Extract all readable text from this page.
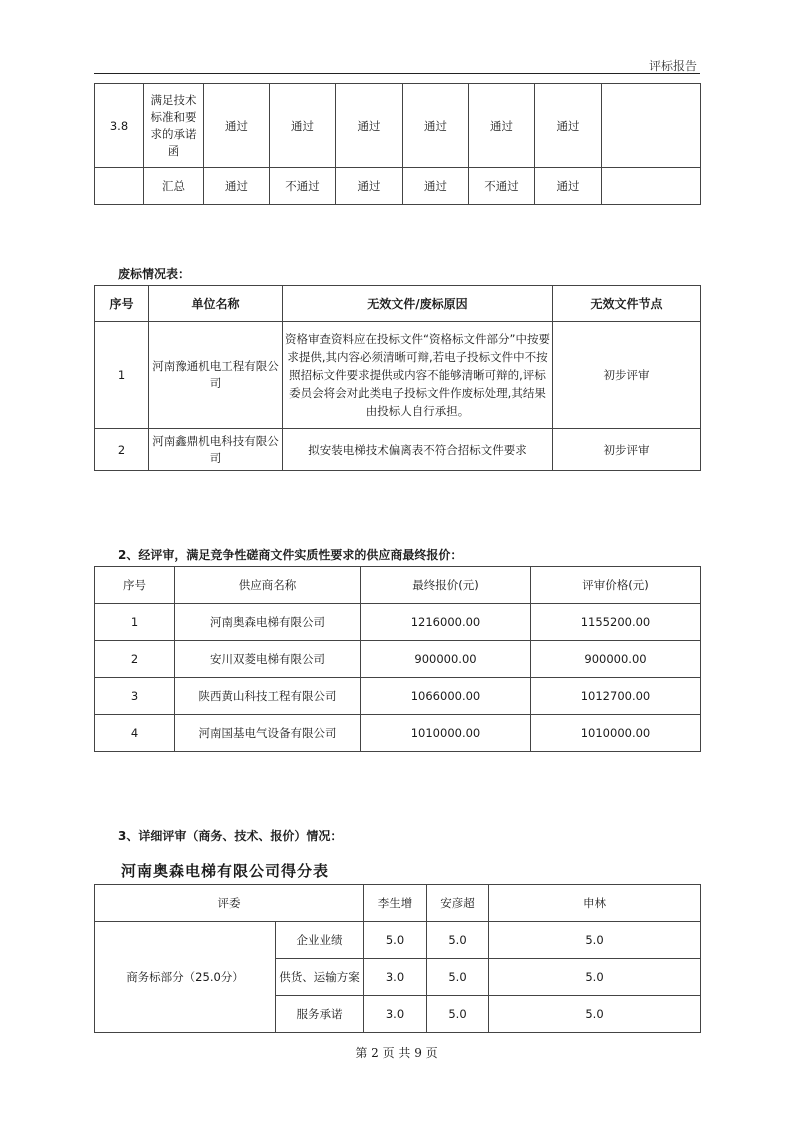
评标报告
3.8	满足技术标准和要求的承诺函	通过	通过	通过	通过	通过	通过	
	汇总	通过	不通过	通过	通过	不通过	通过	
废标情况表：
序号	单位名称	无效文件/废标原因	无效文件节点
1	河南豫通机电工程有限公司	资格审查资料应在投标文件“资格标文件部分”中按要求提供,其内容必须清晰可辩,若电子投标文件中不按照招标文件要求提供或内容不能够清晰可辩的,评标委员会将会对此类电子投标文件作废标处理,其结果由投标人自行承担。	初步评审
2	河南鑫鼎机电科技有限公司	拟安装电梯技术偏离表不符合招标文件要求	初步评审
2、经评审，满足竞争性磋商文件实质性要求的供应商最终报价：
序号	供应商名称	最终报价(元)	评审价格(元)
1	河南奥森电梯有限公司	1216000.00	1155200.00
2	安川双菱电梯有限公司	900000.00	900000.00
3	陕西黄山科技工程有限公司	1066000.00	1012700.00
4	河南国基电气设备有限公司	1010000.00	1010000.00
3、详细评审（商务、技术、报价）情况：
河南奥森电梯有限公司得分表
评委		李生增	安彦超	申林
商务标部分（25.0分）	企业业绩	5.0	5.0	5.0
	供货、运输方案	3.0	5.0	5.0
	服务承诺	3.0	5.0	5.0
第 2 页 共 9 页
